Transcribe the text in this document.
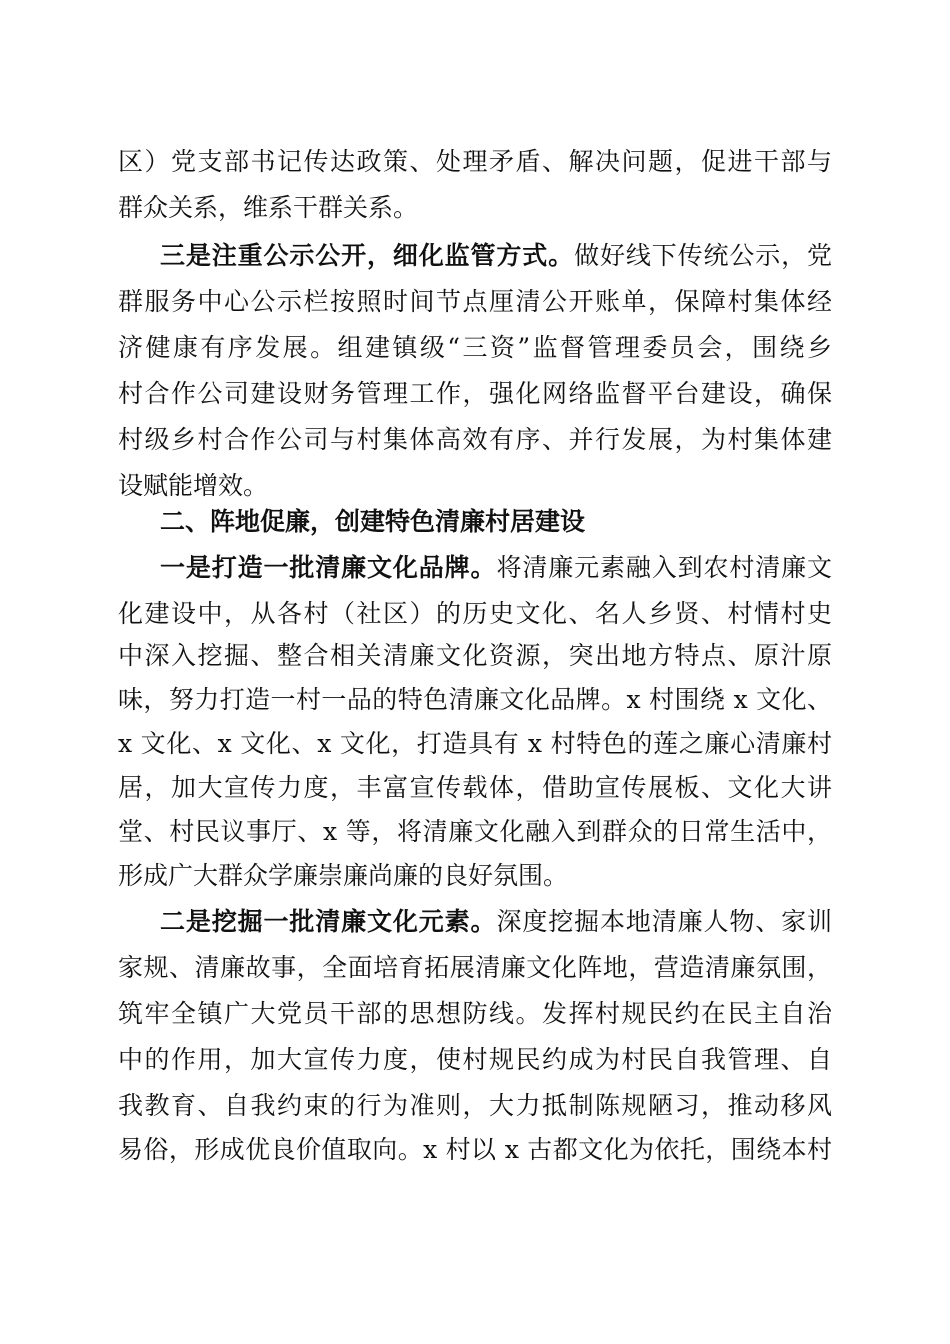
区）党支部书记传达政策、处理矛盾、解决问题，促进干部与
群众关系，维系干群关系。
三是注重公示公开，细化监管方式。做好线下传统公示，党
群服务中心公示栏按照时间节点厘清公开账单，保障村集体经
济健康有序发展。组建镇级“三资”监督管理委员会，围绕乡
村合作公司建设财务管理工作，强化网络监督平台建设，确保
村级乡村合作公司与村集体高效有序、并行发展，为村集体建
设赋能增效。
二、阵地促廉，创建特色清廉村居建设
一是打造一批清廉文化品牌。将清廉元素融入到农村清廉文
化建设中，从各村（社区）的历史文化、名人乡贤、村情村史
中深入挖掘、整合相关清廉文化资源，突出地方特点、原汁原
味，努力打造一村一品的特色清廉文化品牌。x 村围绕 x 文化、
x 文化、x 文化、x 文化，打造具有 x 村特色的莲之廉心清廉村
居，加大宣传力度，丰富宣传载体，借助宣传展板、文化大讲
堂、村民议事厅、x 等，将清廉文化融入到群众的日常生活中，
形成广大群众学廉崇廉尚廉的良好氛围。
二是挖掘一批清廉文化元素。深度挖掘本地清廉人物、家训
家规、清廉故事，全面培育拓展清廉文化阵地，营造清廉氛围，
筑牢全镇广大党员干部的思想防线。发挥村规民约在民主自治
中的作用，加大宣传力度，使村规民约成为村民自我管理、自
我教育、自我约束的行为准则，大力抵制陈规陋习，推动移风
易俗，形成优良价值取向。x 村以 x 古都文化为依托，围绕本村
